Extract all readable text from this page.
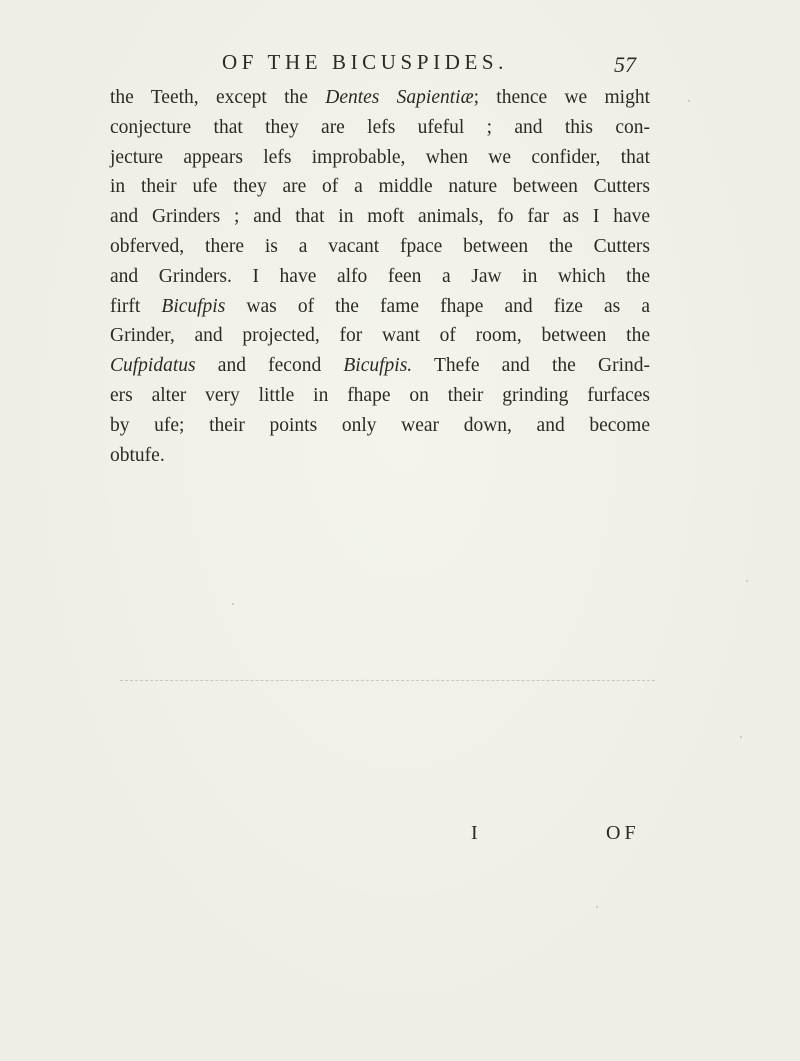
OF THE BICUSPIDES.	57
the Teeth, except the Dentes Sapientiæ; thence we might
conjecture that they are lefs ufeful ; and this con-
jecture appears lefs improbable, when we confider, that
in their ufe they are of a middle nature between Cutters
and Grinders ; and that in moft animals, fo far as I have
obferved, there is a vacant fpace between the Cutters
and Grinders. I have alfo feen a Jaw in which the
firft Bicufpis was of the fame fhape and fize as a
Grinder, and projected, for want of room, between the
Cufpidatus and fecond Bicufpis. Thefe and the Grind-
ers alter very little in fhape on their grinding furfaces
by ufe; their points only wear down, and become
obtufe.
I	OF
